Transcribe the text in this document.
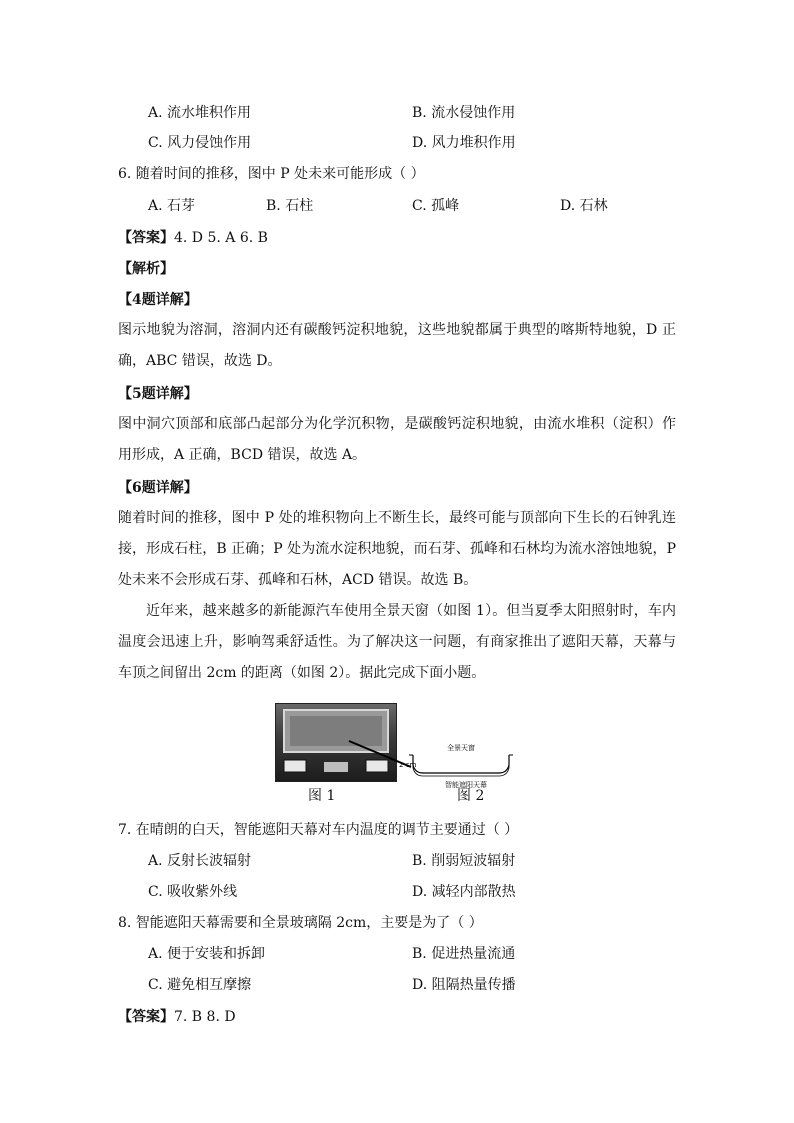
A. 流水堆积作用	B. 流水侵蚀作用
C. 风力侵蚀作用	D. 风力堆积作用
6. 随着时间的推移，图中 P 处未来可能形成（ ）
A. 石芽	B. 石柱	C. 孤峰	D. 石林
【答案】4. D 5. A 6. B
【解析】
【4题详解】
图示地貌为溶洞，溶洞内还有碳酸钙淀积地貌，这些地貌都属于典型的喀斯特地貌，D 正确，ABC 错误，故选 D。
【5题详解】
图中洞穴顶部和底部凸起部分为化学沉积物，是碳酸钙淀积地貌，由流水堆积（淀积）作用形成，A 正确，BCD 错误，故选 A。
【6题详解】
随着时间的推移，图中 P 处的堆积物向上不断生长，最终可能与顶部向下生长的石钟乳连接，形成石柱，B 正确；P 处为流水淀积地貌，而石芽、孤峰和石林均为流水溶蚀地貌，P 处未来不会形成石芽、孤峰和石林，ACD 错误。故选 B。
近年来，越来越多的新能源汽车使用全景天窗（如图 1）。但当夏季太阳照射时，车内温度会迅速上升，影响驾乘舒适性。为了解决这一问题，有商家推出了遮阳天幕，天幕与车顶之间留出 2cm 的距离（如图 2）。据此完成下面小题。
全景天窗
智能遮阳天幕
2 cm
图 1	图 2
7. 在晴朗的白天，智能遮阳天幕对车内温度的调节主要通过（ ）
A. 反射长波辐射	B. 削弱短波辐射
C. 吸收紫外线	D. 减轻内部散热
8. 智能遮阳天幕需要和全景玻璃隔 2cm，主要是为了（ ）
A. 便于安装和拆卸	B. 促进热量流通
C. 避免相互摩擦	D. 阻隔热量传播
【答案】7. B 8. D
